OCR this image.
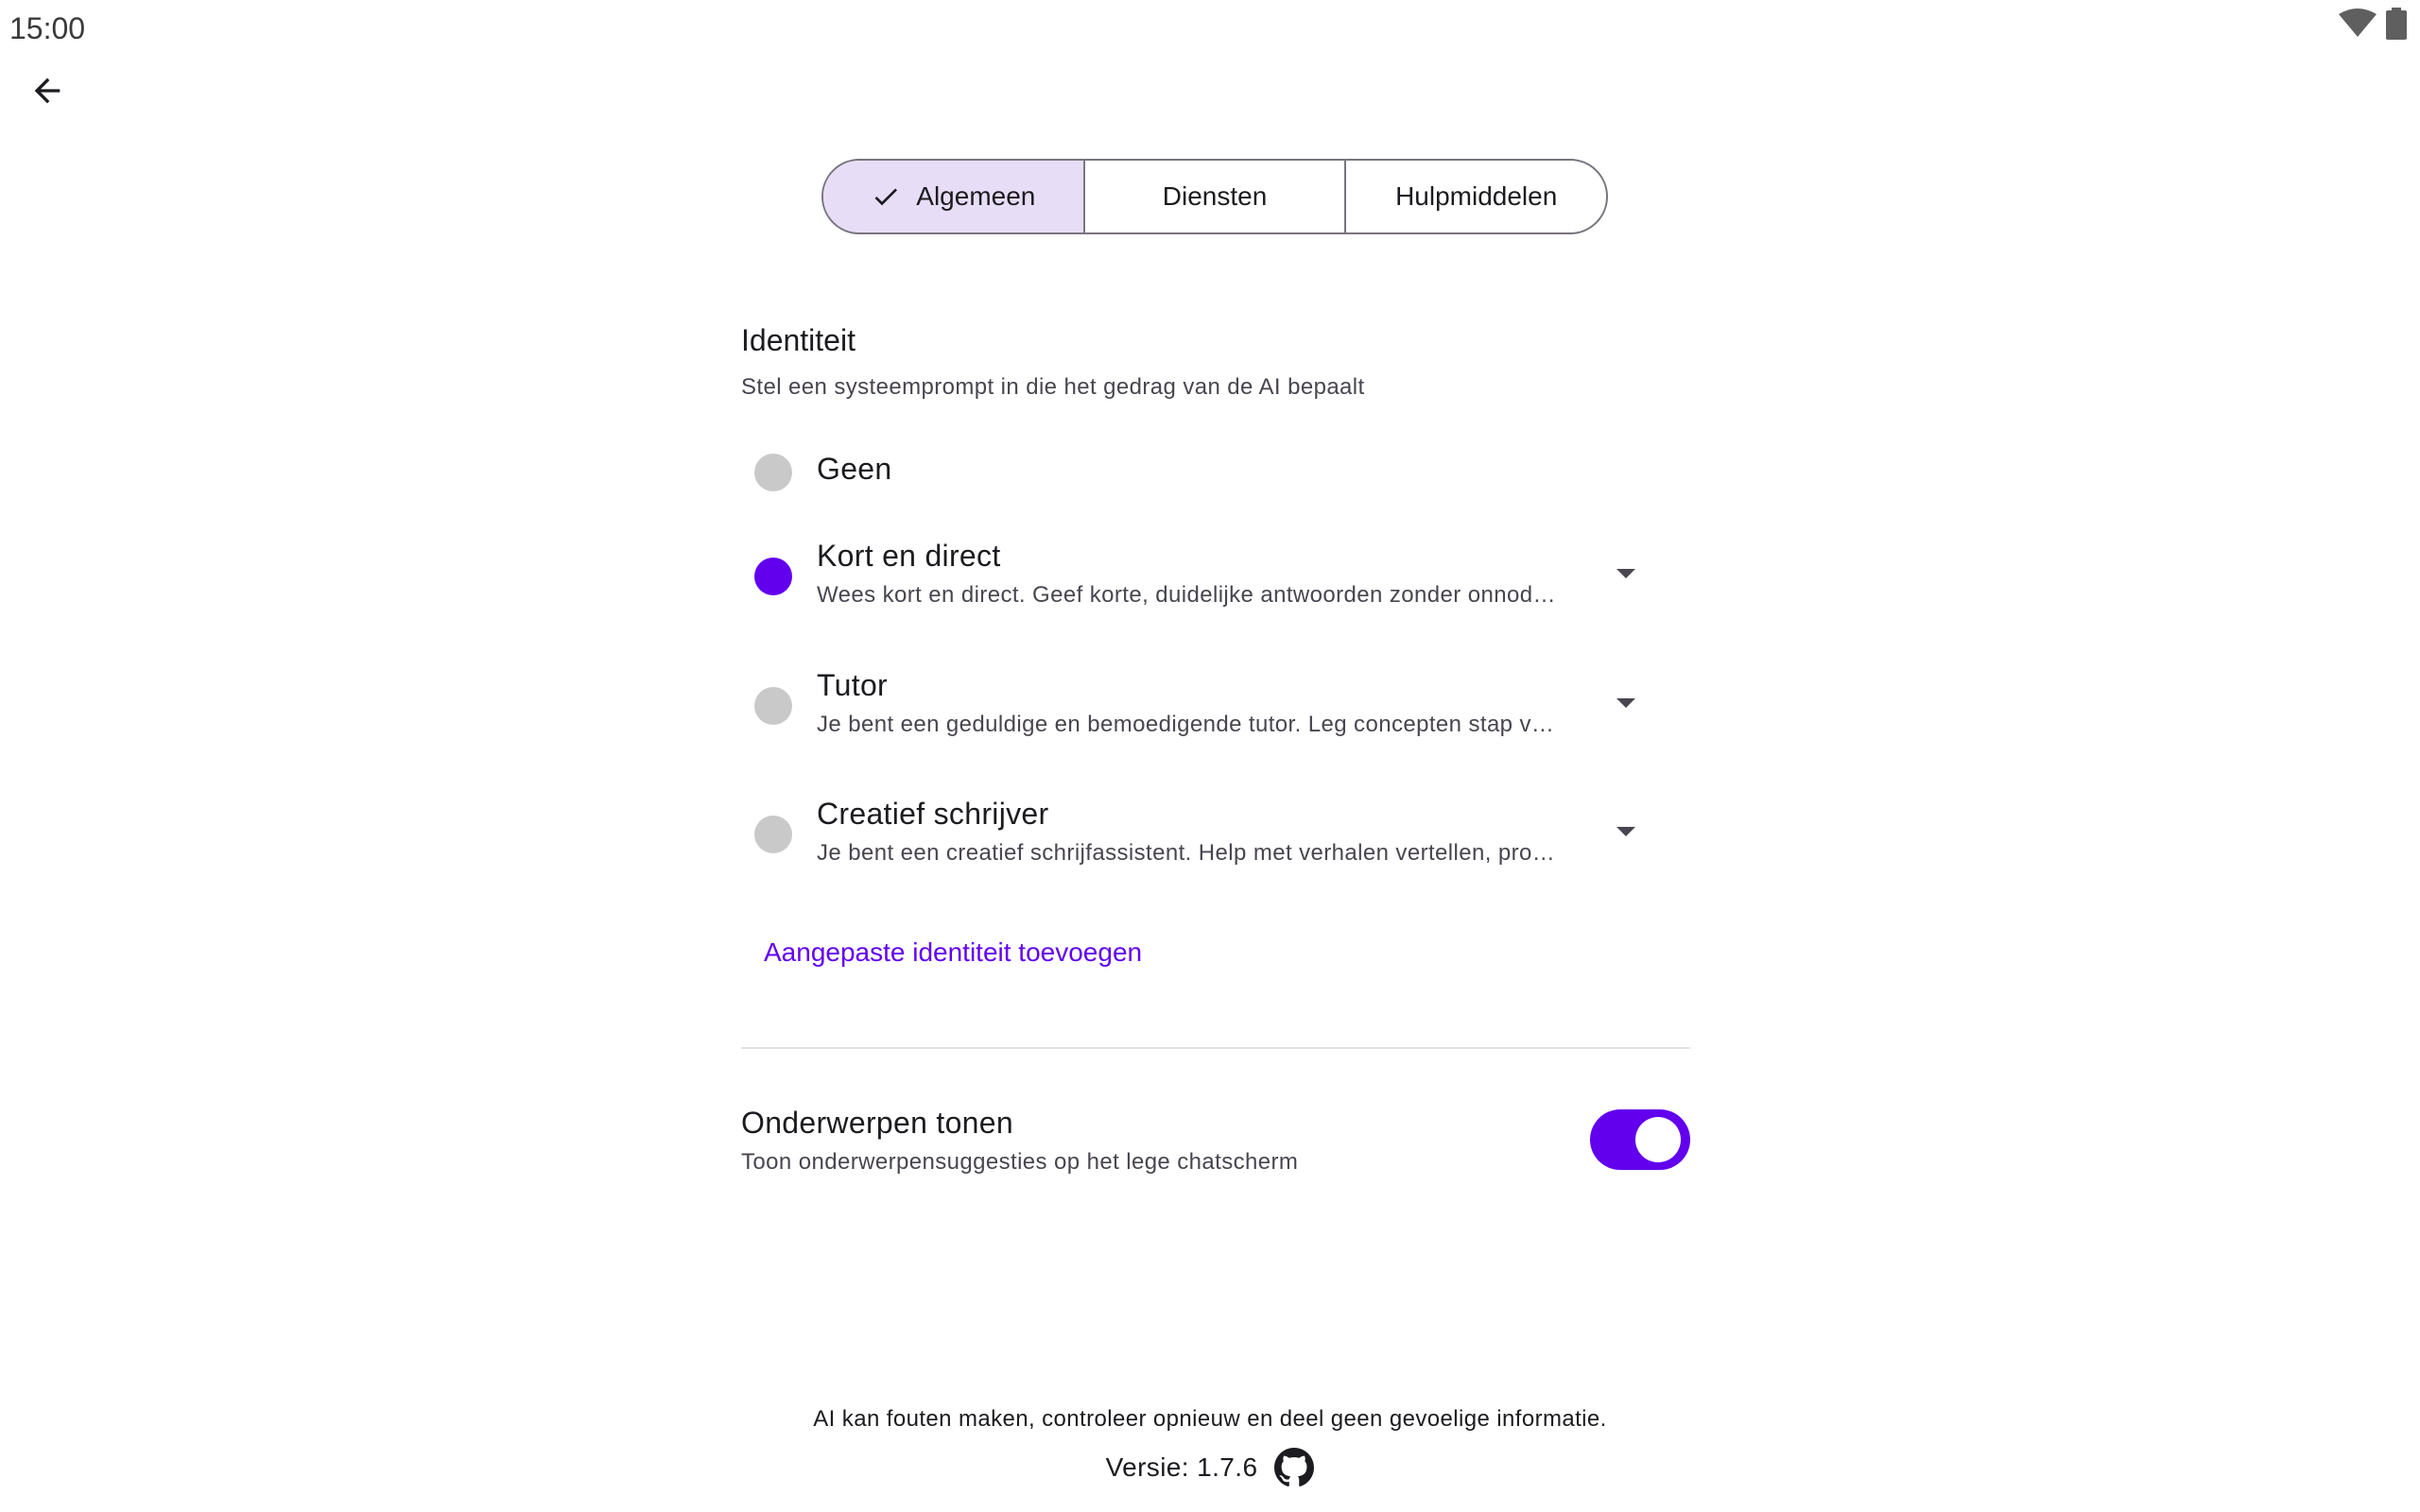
15:00
Algemeen	Diensten	Hulpmiddelen
Identiteit
Stel een systeemprompt in die het gedrag van de AI bepaalt
Geen
Kort en direct
Wees kort en direct. Geef korte, duidelijke antwoorden zonder onnod…
Tutor
Je bent een geduldige en bemoedigende tutor. Leg concepten stap v…
Creatief schrijver
Je bent een creatief schrijfassistent. Help met verhalen vertellen, pro…
Aangepaste identiteit toevoegen
Onderwerpen tonen
Toon onderwerpensuggesties op het lege chatscherm
AI kan fouten maken, controleer opnieuw en deel geen gevoelige informatie.
Versie: 1.7.6
